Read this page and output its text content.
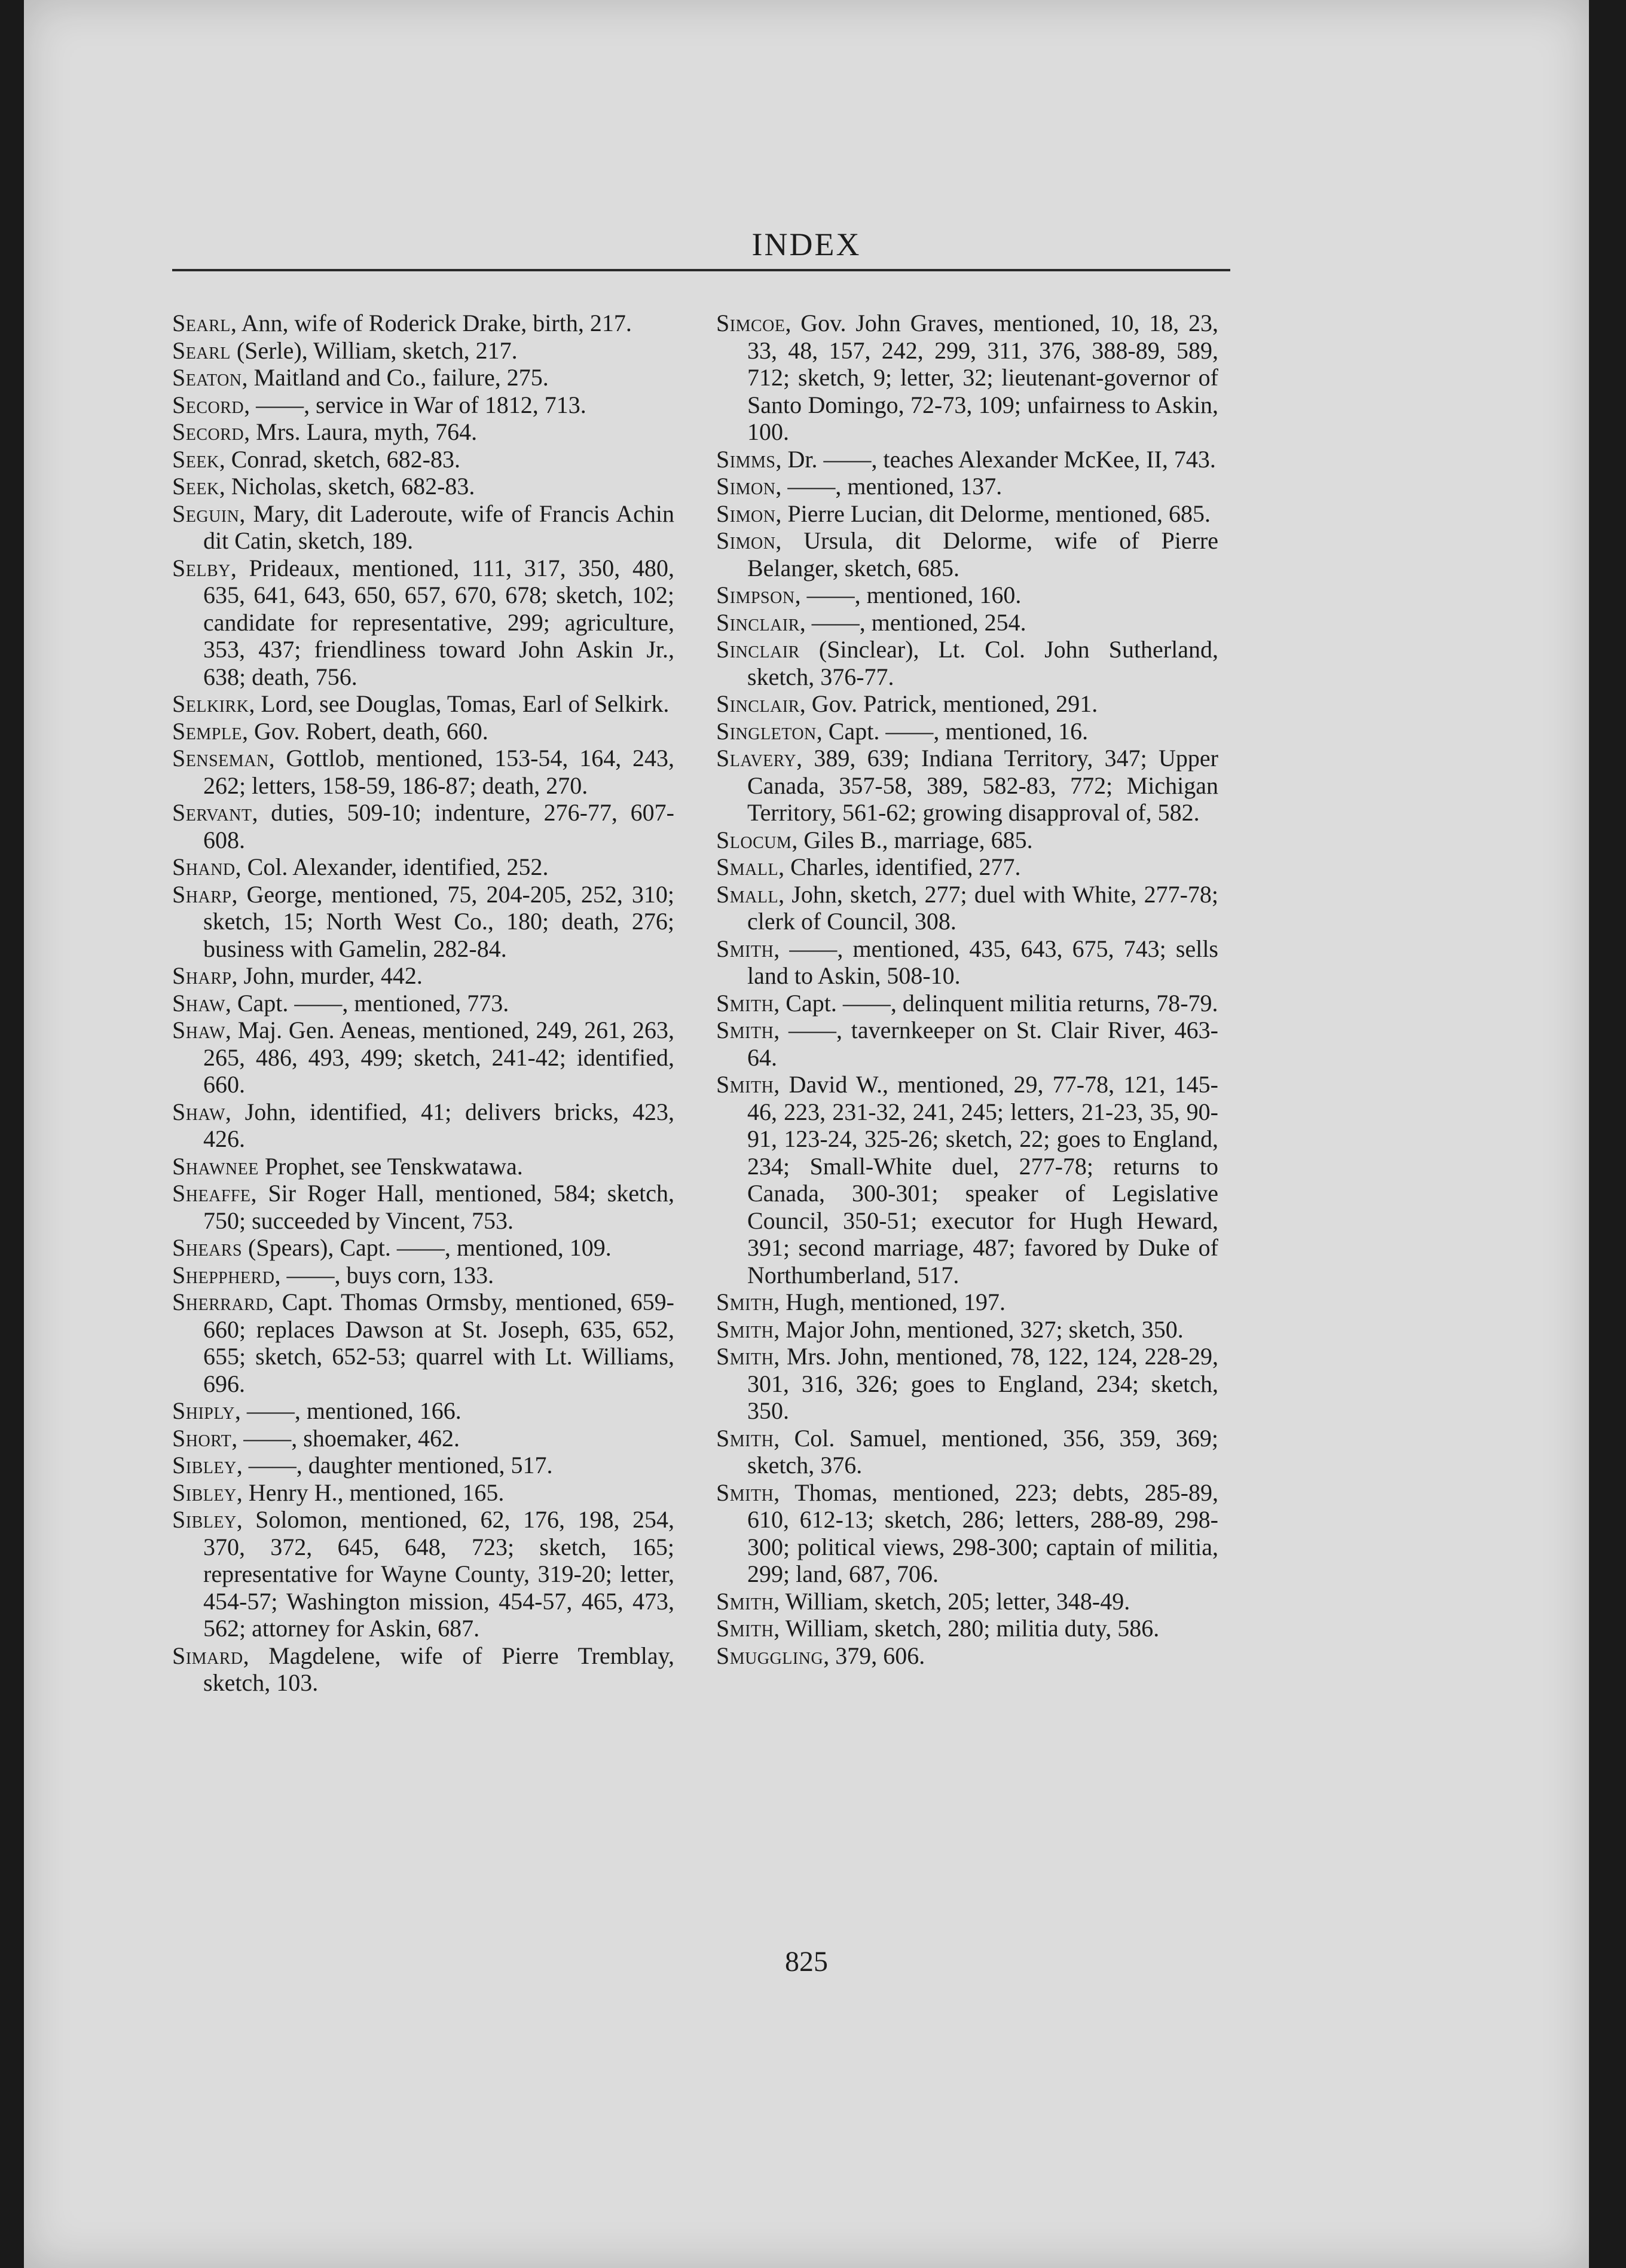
INDEX
Searl, Ann, wife of Roderick Drake, birth, 217.
Searl (Serle), William, sketch, 217.
Seaton, Maitland and Co., failure, 275.
Secord, ——, service in War of 1812, 713.
Secord, Mrs. Laura, myth, 764.
Seek, Conrad, sketch, 682-83.
Seek, Nicholas, sketch, 682-83.
Seguin, Mary, dit Laderoute, wife of Francis Achin dit Catin, sketch, 189.
Selby, Prideaux, mentioned, 111, 317, 350, 480, 635, 641, 643, 650, 657, 670, 678; sketch, 102; candidate for representative, 299; agriculture, 353, 437; friendliness toward John Askin Jr., 638; death, 756.
Selkirk, Lord, see Douglas, Tomas, Earl of Selkirk.
Semple, Gov. Robert, death, 660.
Senseman, Gottlob, mentioned, 153-54, 164, 243, 262; letters, 158-59, 186-87; death, 270.
Servant, duties, 509-10; indenture, 276-77, 607-608.
Shand, Col. Alexander, identified, 252.
Sharp, George, mentioned, 75, 204-205, 252, 310; sketch, 15; North West Co., 180; death, 276; business with Gamelin, 282-84.
Sharp, John, murder, 442.
Shaw, Capt. ——, mentioned, 773.
Shaw, Maj. Gen. Aeneas, mentioned, 249, 261, 263, 265, 486, 493, 499; sketch, 241-42; identified, 660.
Shaw, John, identified, 41; delivers bricks, 423, 426.
Shawnee Prophet, see Tenskwatawa.
Sheaffe, Sir Roger Hall, mentioned, 584; sketch, 750; succeeded by Vincent, 753.
Shears (Spears), Capt. ——, mentioned, 109.
Sheppherd, ——, buys corn, 133.
Sherrard, Capt. Thomas Ormsby, mentioned, 659-660; replaces Dawson at St. Joseph, 635, 652, 655; sketch, 652-53; quarrel with Lt. Williams, 696.
Shiply, ——, mentioned, 166.
Short, ——, shoemaker, 462.
Sibley, ——, daughter mentioned, 517.
Sibley, Henry H., mentioned, 165.
Sibley, Solomon, mentioned, 62, 176, 198, 254, 370, 372, 645, 648, 723; sketch, 165; representative for Wayne County, 319-20; letter, 454-57; Washington mission, 454-57, 465, 473, 562; attorney for Askin, 687.
Simard, Magdelene, wife of Pierre Tremblay, sketch, 103.
Simcoe, Gov. John Graves, mentioned, 10, 18, 23, 33, 48, 157, 242, 299, 311, 376, 388-89, 589, 712; sketch, 9; letter, 32; lieutenant-governor of Santo Domingo, 72-73, 109; unfairness to Askin, 100.
Simms, Dr. ——, teaches Alexander McKee, II, 743.
Simon, ——, mentioned, 137.
Simon, Pierre Lucian, dit Delorme, mentioned, 685.
Simon, Ursula, dit Delorme, wife of Pierre Belanger, sketch, 685.
Simpson, ——, mentioned, 160.
Sinclair, ——, mentioned, 254.
Sinclair (Sinclear), Lt. Col. John Sutherland, sketch, 376-77.
Sinclair, Gov. Patrick, mentioned, 291.
Singleton, Capt. ——, mentioned, 16.
Slavery, 389, 639; Indiana Territory, 347; Upper Canada, 357-58, 389, 582-83, 772; Michigan Territory, 561-62; growing disapproval of, 582.
Slocum, Giles B., marriage, 685.
Small, Charles, identified, 277.
Small, John, sketch, 277; duel with White, 277-78; clerk of Council, 308.
Smith, ——, mentioned, 435, 643, 675, 743; sells land to Askin, 508-10.
Smith, Capt. ——, delinquent militia returns, 78-79.
Smith, ——, tavernkeeper on St. Clair River, 463-64.
Smith, David W., mentioned, 29, 77-78, 121, 145-46, 223, 231-32, 241, 245; letters, 21-23, 35, 90-91, 123-24, 325-26; sketch, 22; goes to England, 234; Small-White duel, 277-78; returns to Canada, 300-301; speaker of Legislative Council, 350-51; executor for Hugh Heward, 391; second marriage, 487; favored by Duke of Northumberland, 517.
Smith, Hugh, mentioned, 197.
Smith, Major John, mentioned, 327; sketch, 350.
Smith, Mrs. John, mentioned, 78, 122, 124, 228-29, 301, 316, 326; goes to England, 234; sketch, 350.
Smith, Col. Samuel, mentioned, 356, 359, 369; sketch, 376.
Smith, Thomas, mentioned, 223; debts, 285-89, 610, 612-13; sketch, 286; letters, 288-89, 298-300; political views, 298-300; captain of militia, 299; land, 687, 706.
Smith, William, sketch, 205; letter, 348-49.
Smith, William, sketch, 280; militia duty, 586.
Smuggling, 379, 606.
825
